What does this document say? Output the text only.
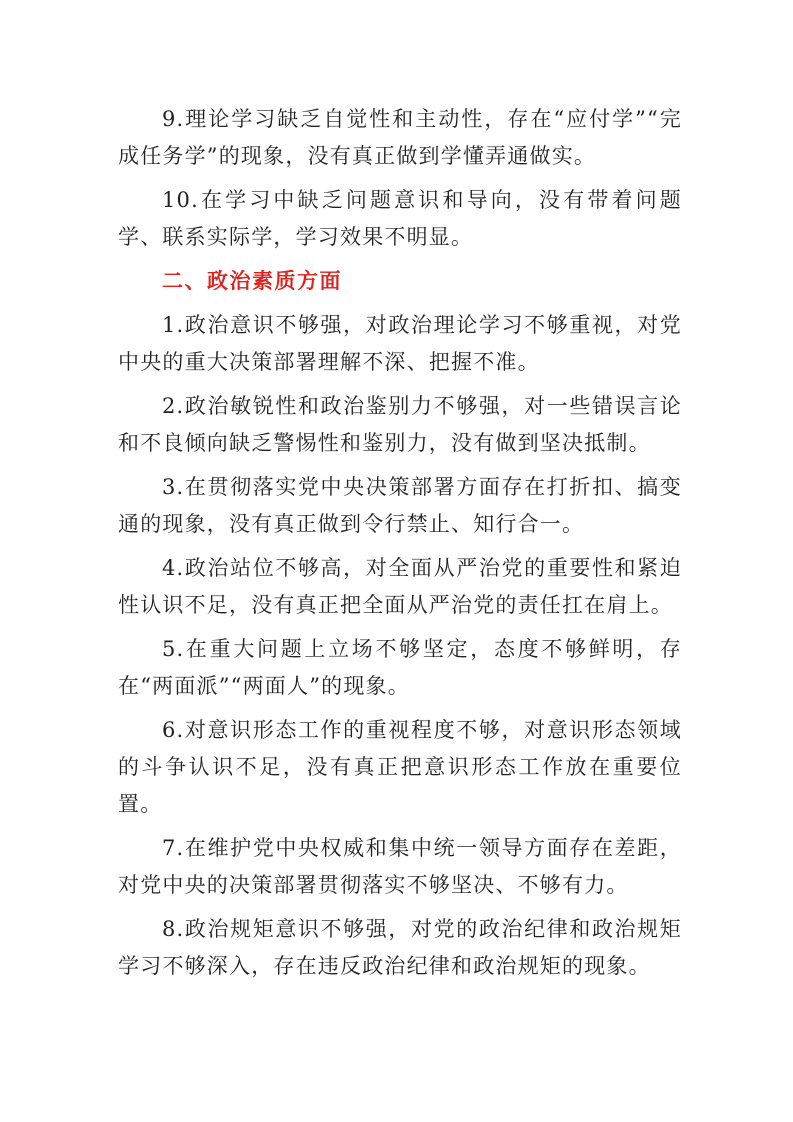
9.理论学习缺乏自觉性和主动性，存在“应付学”“完成任务学”的现象，没有真正做到学懂弄通做实。

10.在学习中缺乏问题意识和导向，没有带着问题学、联系实际学，学习效果不明显。

二、政治素质方面

1.政治意识不够强，对政治理论学习不够重视，对党中央的重大决策部署理解不深、把握不准。

2.政治敏锐性和政治鉴别力不够强，对一些错误言论和不良倾向缺乏警惕性和鉴别力，没有做到坚决抵制。

3.在贯彻落实党中央决策部署方面存在打折扣、搞变通的现象，没有真正做到令行禁止、知行合一。

4.政治站位不够高，对全面从严治党的重要性和紧迫性认识不足，没有真正把全面从严治党的责任扛在肩上。

5.在重大问题上立场不够坚定，态度不够鲜明，存在“两面派”“两面人”的现象。

6.对意识形态工作的重视程度不够，对意识形态领域的斗争认识不足，没有真正把意识形态工作放在重要位置。

7.在维护党中央权威和集中统一领导方面存在差距，对党中央的决策部署贯彻落实不够坚决、不够有力。

8.政治规矩意识不够强，对党的政治纪律和政治规矩学习不够深入，存在违反政治纪律和政治规矩的现象。
